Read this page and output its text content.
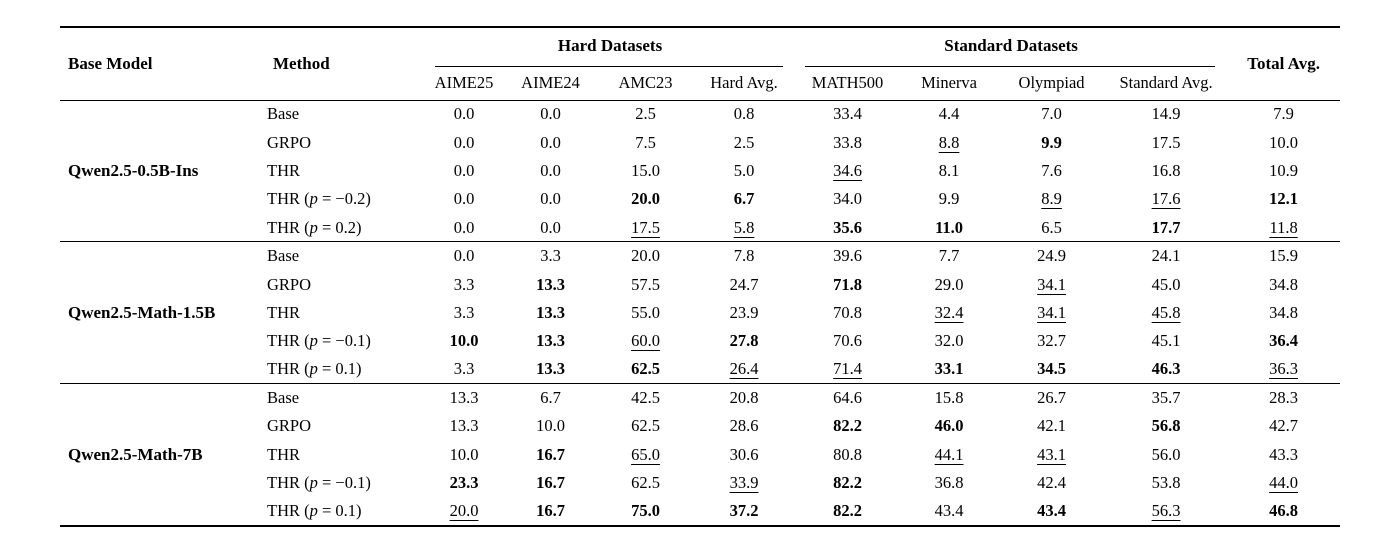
Base Model	Method	Hard Datasets				Standard Datasets				Total Avg.
		AIME25	AIME24	AMC23	Hard Avg.	MATH500	Minerva	Olympiad	Standard Avg.	
Qwen2.5-0.5B-Ins	Base	0.0	0.0	2.5	0.8	33.4	4.4	7.0	14.9	7.9
	GRPO	0.0	0.0	7.5	2.5	33.8	8.8	9.9	17.5	10.0
	THR	0.0	0.0	15.0	5.0	34.6	8.1	7.6	16.8	10.9
	THR (p = −0.2)	0.0	0.0	20.0	6.7	34.0	9.9	8.9	17.6	12.1
	THR (p = 0.2)	0.0	0.0	17.5	5.8	35.6	11.0	6.5	17.7	11.8
Qwen2.5-Math-1.5B	Base	0.0	3.3	20.0	7.8	39.6	7.7	24.9	24.1	15.9
	GRPO	3.3	13.3	57.5	24.7	71.8	29.0	34.1	45.0	34.8
	THR	3.3	13.3	55.0	23.9	70.8	32.4	34.1	45.8	34.8
	THR (p = −0.1)	10.0	13.3	60.0	27.8	70.6	32.0	32.7	45.1	36.4
	THR (p = 0.1)	3.3	13.3	62.5	26.4	71.4	33.1	34.5	46.3	36.3
Qwen2.5-Math-7B	Base	13.3	6.7	42.5	20.8	64.6	15.8	26.7	35.7	28.3
	GRPO	13.3	10.0	62.5	28.6	82.2	46.0	42.1	56.8	42.7
	THR	10.0	16.7	65.0	30.6	80.8	44.1	43.1	56.0	43.3
	THR (p = −0.1)	23.3	16.7	62.5	33.9	82.2	36.8	42.4	53.8	44.0
	THR (p = 0.1)	20.0	16.7	75.0	37.2	82.2	43.4	43.4	56.3	46.8
